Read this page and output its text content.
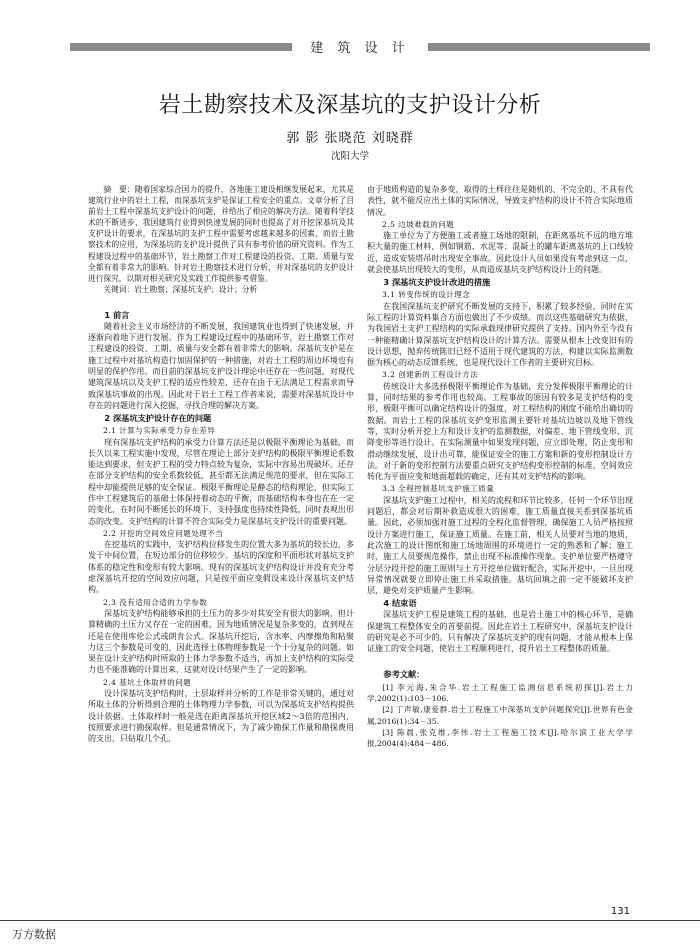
建 筑 设 计
岩土勘察技术及深基坑的支护设计分析
郭 影 张晓范 刘晓群
沈阳大学

摘　要：随着国家综合国力的提升，各地施工建设相继发展起来，尤其是建筑行业中的岩土工程，而深基坑支护是保证工程安全的重点。文章分析了目前岩土工程中深基坑支护设计的问题，并给出了相应的解决方法。随着科学技术的不断进步，我国建筑行业得到快速发展的同时也提高了对开挖深基坑及其支护设计的要求，在深基坑的支护工程中需要考虑越来越多的因素，而岩土勘察技术的应用，为深基坑的支护设计提供了具有参考价值的研究资料。作为工程建设过程中的基础环节，岩土勘察工作对工程建设的投资、工期、质量与安全都有着非常大的影响。针对岩土勘察技术进行分析，并对深基坑的支护设计进行探究，以期对相关研究及实践工作提供参考借鉴。

关键词：岩土勘察；深基坑支护；设计；分析

1 前言

随着社会主义市场经济的不断发展，我国建筑业也得到了快速发展，并逐渐向着地下进行发展。作为工程建设过程中的基础环节，岩土勘察工作对工程建设的投资、工期、质量与安全都有着非常大的影响。深基坑支护是在施工过程中对基坑构造行加固保护的一种措施，对岩土工程的周边环境也有明显的保护作用。而目前的深基坑支护设计理论中还存在一些问题，对现代建筑深基坑以及支护工程的适应性较差，还存在由于无法满足工程需求而导致深基坑事故的出现。因此对于岩土工程工作者来说，需要对深基坑设计中存在的问题进行深入挖掘，寻找合理的解决方案。

2 深基坑支护设计存在的问题
2.1 计算与实际承受力存在差异

现有深基坑支护结构的承受力计算方法还是以极限平衡理论为基础，而长久以来工程实施中发现，尽管在理论上部分支护结构的极限平衡理论系数能达到要求，但支护工程的受力特点较为复杂，实际中容易出现破坏。还存在部分支护结构的安全系数较低，甚至都无法满足规范的要求，但在实际工程中却能提供足够的安全保证。极限平衡理论是静态的结构理论，但实际工作中工程建筑后的基础土体保持着动态的平衡，而基础结构本身也在在一定的变化，在时间不断延长的环境下，支持强度也持续性降低，同时表观出形态的改变。支护结构的计算不符合实际受力是深基坑支护设计的重要问题。

2.2 开挖的空间效应问题处理不当

在挖基坑的实践中，支护结构位移发生的位置大多为基坑的较长边，多发于中间位置，在短边部分的位移较少。基坑的深度和平面形状对基坑支护体系的稳定性和变形有较大影响。现有的深基坑支护结构设计并没有充分考虑深基坑开挖的空间效应问题，只是按平面应变假设来设计深基坑支护结构。

2.3 没有适用合适的力学参数

深基坑支护结构能够承担的土压力的多少对其安全有很大的影响，但计算精确的土压力又存在一定的困难，因为地质情况是复杂多变的，直到现在还是在使用库伦公式或朗肯公式。深基坑开挖后，含水率、内摩擦角和粘聚力这三个参数是可变的，因此选择土体物理参数是一个十分复杂的问题。如果在设计支护结构时所取的土体力学参数不适当，再加上支护结构的实际受力也不能准确的计算出来，这就对设计结果产生了一定的影响。

2.4 基坑土体取样的问题

设计深基坑支护结构时，土层取样并分析的工作是非常关键的，通过对所取土体的分析得到合理的土体物理力学参数，可以为深基坑支护结构提供设计依据。土体取样时一般是选在距离深基坑开挖区域2～3倍的范围内，按照要求进行勘探取样。但是通常情况下，为了减少勘探工作量和勘探费用的支出，只钻取几个孔，

由于地质构造的复杂多变，取得的土样往往是随机的、不完全的、不具有代表性，就不能反应出土体的实际情况，导致支护结构的设计不符合实际地质情况。

2.5 边坡难载的问题

施工单位为了方便施工或者施工场地的限制，在距离基坑不远的地方堆积大量的施工材料，例如钢筋、水泥等；混凝土的罐车距离基坑的上口线较近，造成安装塔吊时出现安全事故。因此设计人员如果没有考虑到这一点，就会使基坑出现较大的变形，从而造成基坑支护结构设计上的问题。

3 深基坑支护设计改进的措施
3.1 转变传统的设计理念

在我国深基坑支护研究不断发展的支持下，积累了较多经验，同时在实际工程的计算资料集合方面也做出了不少成绩。而以这些基础研究为依据，为我国岩土支护工程结构的实际承载现律研究提供了支持。国内外至今没有一种能精确计算深基坑支护结构设计的计算方法。需要从根本上改变旧有的设计思想，抛弃传统陈旧已经不适用于现代建筑的方法，构建以实际监测数据为核心的动态反馈系统，也是现代设计工作者的主要研究目标。

3.2 创建新的工程设计方法

传统设计大多选择极限平衡理论作为基础，充分发挥极限平衡理论的计算，同时结果的参考作用也较高。工程事故的原因有较多是支护结构的变形，极限平衡可以确定结构设计的强度，对工程结构的刚度不能给出确切的数据。而岩土工程的深基坑支护变形监测主要针对基坑边坡以及地下管线等，实时分析开挖上方和设计支护的监测数据，对偏差、地下管线变形、沉降变形等进行设计。在实际测量中如果发现问题，应立即处理，防止变形和滑动继续发展，设计出可靠，能保证安全的施工方案和新的变形控制设计方法。对于新的变形控制方法要重点研究支护结构变形控制的标准，空间效应转化为平面应变和地面超载的确定，还有其对支护结构的影响。

3.3 全程控制基坑支护施工质量

深基坑支护施工过程中，相关的流程和环节比较多，任何一个环节出现问题后，都会对后期补救造成很大的困难，施工质量直接关系到深基坑质量。因此，必须加强对施工过程的全程化监督管理，确保施工人员严格按照设计方案进行施工，保证施工质量。在施工前，相关人员要对当地的地质，此次施工的设计图纸和施工场地周围的环境进行一定的熟悉和了解；施工时，施工人员要规范操作，禁止出现不标准操作现象。支护单位要严格遵守分层分段开挖的施工原则与土方开挖单位做好配合，实际开挖中，一旦出现异常情况就要立即停止施工并采取措施。基坑回填之前一定不能破坏支护层，避免对支护质量产生影响。

4 结束语

深基坑支护工程是建筑工程的基础，也是岩土施工中的核心环节，是确保建筑工程整体安全的首要前提。因此在岩土工程研究中，深基坑支护设计的研究是必不可少的。只有解决了深基坑支护的现有问题，才能从根本上保证施工的安全问题，使岩土工程顺利进行，提升岩土工程整体的质量。

参考文献：

[1] 李元海,朱合华.岩土工程施工监测信息系统初探[J].岩土力学,2002(1):103－106.

[2] 丁声敏,康爱群.岩土工程施工中深基坑支护问题探究[J].世界有色金属,2016(1):34－35.

[3] 陈晨,张克维,李伟.岩土工程施工技术[J].哈尔滨工业大学学报,2004(4):484－486.

131
万方数据
